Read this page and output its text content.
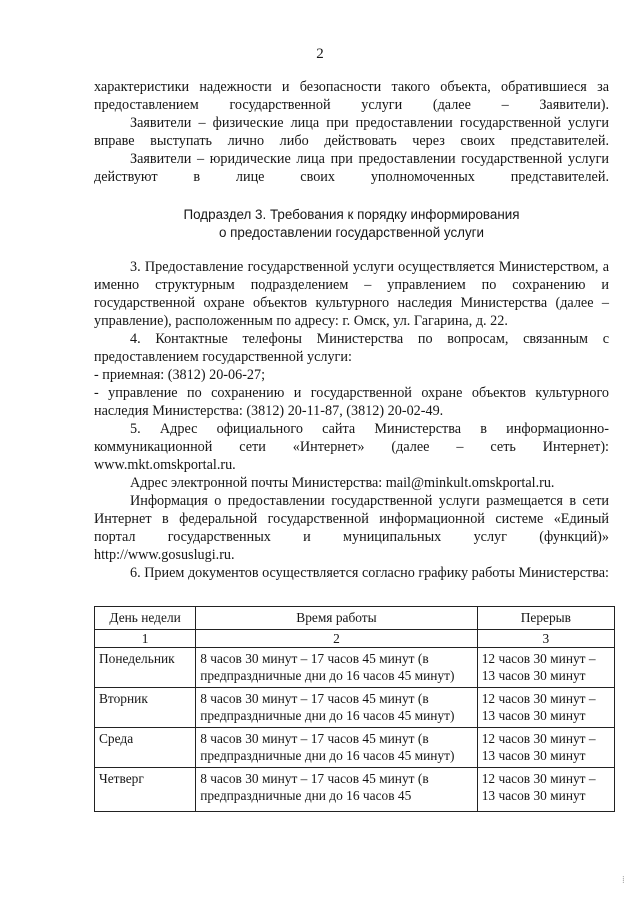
2

характеристики надежности и безопасности такого объекта, обратившиеся за предоставлением государственной услуги (далее – Заявители).

Заявители – физические лица при предоставлении государственной услуги вправе выступать лично либо действовать через своих представителей.

Заявители – юридические лица при предоставлении государственной услуги действуют в лице своих уполномоченных представителей.

Подраздел 3. Требования к порядку информирования
о предоставлении государственной услуги

3. Предоставление государственной услуги осуществляется Министерством, а именно структурным подразделением – управлением по сохранению и государственной охране объектов культурного наследия Министерства (далее – управление), расположенным по адресу: г. Омск, ул. Гагарина, д. 22.

4. Контактные телефоны Министерства по вопросам, связанным с предоставлением государственной услуги:

- приемная: (3812) 20-06-27;

- управление по сохранению и государственной охране объектов культурного наследия Министерства: (3812) 20-11-87, (3812) 20-02-49.

5. Адрес официального сайта Министерства в информационно-коммуникационной сети «Интернет» (далее – сеть Интернет): www.mkt.omskportal.ru.

Адрес электронной почты Министерства: mail@minkult.omskportal.ru.

Информация о предоставлении государственной услуги размещается в сети Интернет в федеральной государственной информационной системе «Единый портал государственных и муниципальных услуг (функций)» http://www.gosuslugi.ru.

6. Прием документов осуществляется согласно графику работы Министерства:

День недели	Время работы	Перерыв
1	2	3
Понедельник	8 часов 30 минут – 17 часов 45 минут (в предпраздничные дни до 16 часов 45 минут)	12 часов 30 минут – 13 часов 30 минут
Вторник	8 часов 30 минут – 17 часов 45 минут (в предпраздничные дни до 16 часов 45 минут)	12 часов 30 минут – 13 часов 30 минут
Среда	8 часов 30 минут – 17 часов 45 минут (в предпраздничные дни до 16 часов 45 минут)	12 часов 30 минут – 13 часов 30 минут
Четверг	8 часов 30 минут – 17 часов 45 минут (в предпраздничные дни до 16 часов 45	12 часов 30 минут – 13 часов 30 минут
⁞
